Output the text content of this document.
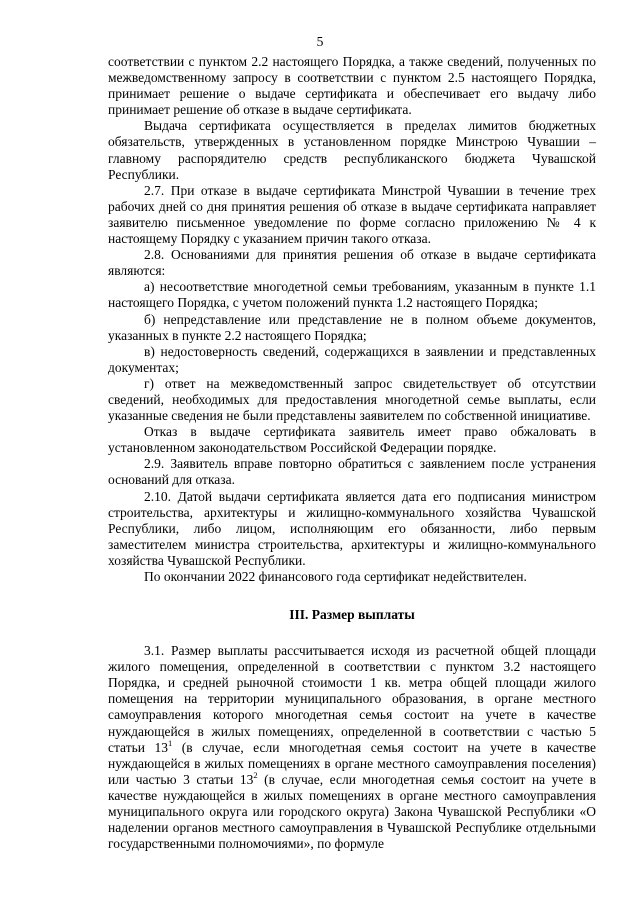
5

соответствии с пунктом 2.2 настоящего Порядка, а также сведений, полученных по межведомственному запросу в соответствии с пунктом 2.5 настоящего Порядка, принимает решение о выдаче сертификата и обеспечивает его выдачу либо принимает решение об отказе в выдаче сертификата.

Выдача сертификата осуществляется в пределах лимитов бюджетных обязательств, утвержденных в установленном порядке Минстрою Чувашии – главному распорядителю средств республиканского бюджета Чувашской Республики.

2.7. При отказе в выдаче сертификата Минстрой Чувашии в течение трех рабочих дней со дня принятия решения об отказе в выдаче сертификата направляет заявителю письменное уведомление по форме согласно приложению № 4 к настоящему Порядку с указанием причин такого отказа.

2.8. Основаниями для принятия решения об отказе в выдаче сертификата являются:

а) несоответствие многодетной семьи требованиям, указанным в пункте 1.1 настоящего Порядка, с учетом положений пункта 1.2 настоящего Порядка;

б) непредставление или представление не в полном объеме документов, указанных в пункте 2.2 настоящего Порядка;

в) недостоверность сведений, содержащихся в заявлении и представленных документах;

г) ответ на межведомственный запрос свидетельствует об отсутствии сведений, необходимых для предоставления многодетной семье выплаты, если указанные сведения не были представлены заявителем по собственной инициативе.

Отказ в выдаче сертификата заявитель имеет право обжаловать в установленном законодательством Российской Федерации порядке.

2.9. Заявитель вправе повторно обратиться с заявлением после устранения оснований для отказа.

2.10. Датой выдачи сертификата является дата его подписания министром строительства, архитектуры и жилищно-коммунального хозяйства Чувашской Республики, либо лицом, исполняющим его обязанности, либо первым заместителем министра строительства, архитектуры и жилищно-коммунального хозяйства Чувашской Республики.

По окончании 2022 финансового года сертификат недействителен.

III. Размер выплаты

3.1. Размер выплаты рассчитывается исходя из расчетной общей площади жилого помещения, определенной в соответствии с пунктом 3.2 настоящего Порядка, и средней рыночной стоимости 1 кв. метра общей площади жилого помещения на территории муниципального образования, в органе местного самоуправления которого многодетная семья состоит на учете в качестве нуждающейся в жилых помещениях, определенной в соответствии с частью 5 статьи $13^1$ (в случае, если многодетная семья состоит на учете в качестве нуждающейся в жилых помещениях в органе местного самоуправления поселения) или частью 3 статьи $13^2$ (в случае, если многодетная семья состоит на учете в качестве нуждающейся в жилых помещениях в органе местного самоуправления муниципального округа или городского округа) Закона Чувашской Республики «О наделении органов местного самоуправления в Чувашской Республике отдельными государственными полномочиями», по формуле
